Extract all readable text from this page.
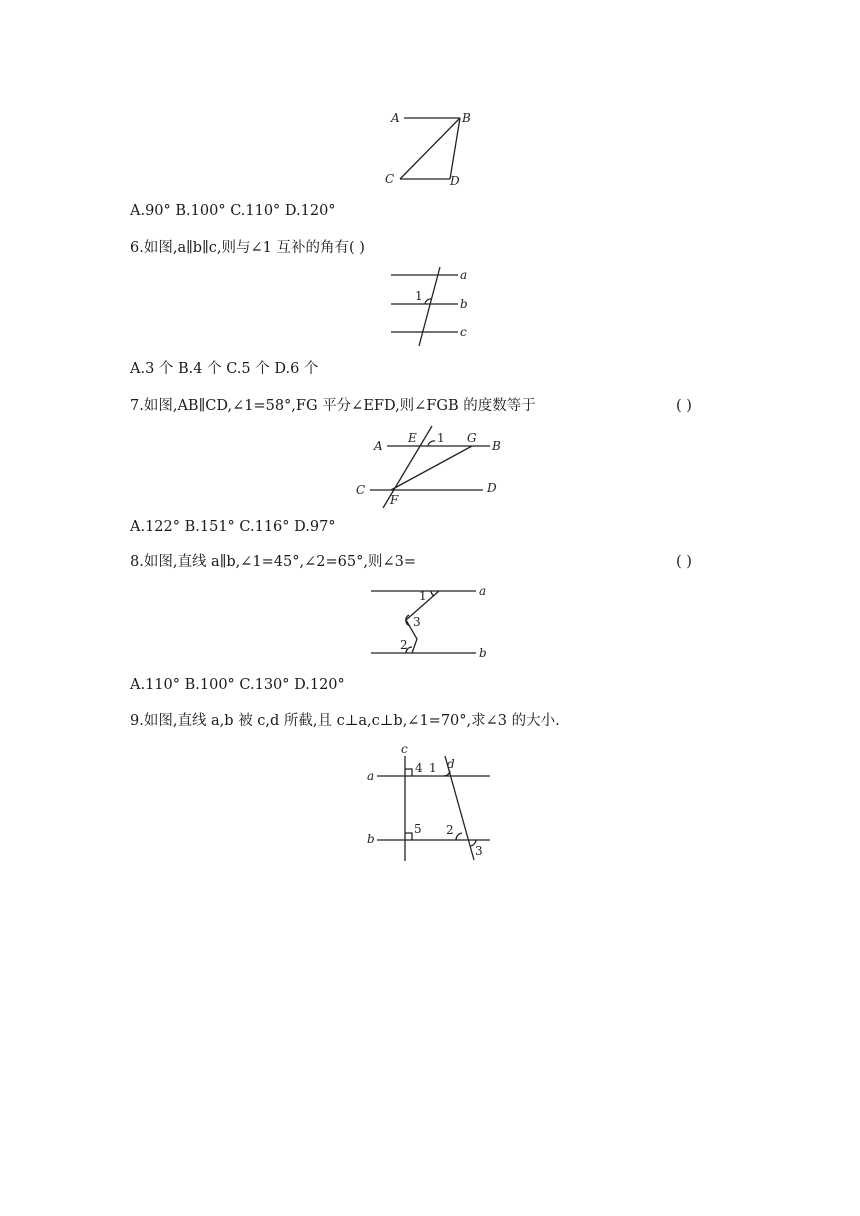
A	B
C	D
A.90° B.100° C.110° D.120°
6.如图,a∥b∥c,则与∠1 互补的角有( )
a
b
c
1
A.3 个 B.4 个 C.5 个 D.6 个
7.如图,AB∥CD,∠1=58°,FG 平分∠EFD,则∠FGB 的度数等于	( )
A
E 1 G
B
C	D
F
A.122° B.151° C.116° D.97°
8.如图,直线 a∥b,∠1=45°,∠2=65°,则∠3=	( )
1
3
2
a
b
A.110° B.100° C.130° D.120°
9.如图,直线 a,b 被 c,d 所截,且 c⊥a,c⊥b,∠1=70°,求∠3 的大小.
c
a
b
d
4 1
5 2
3
